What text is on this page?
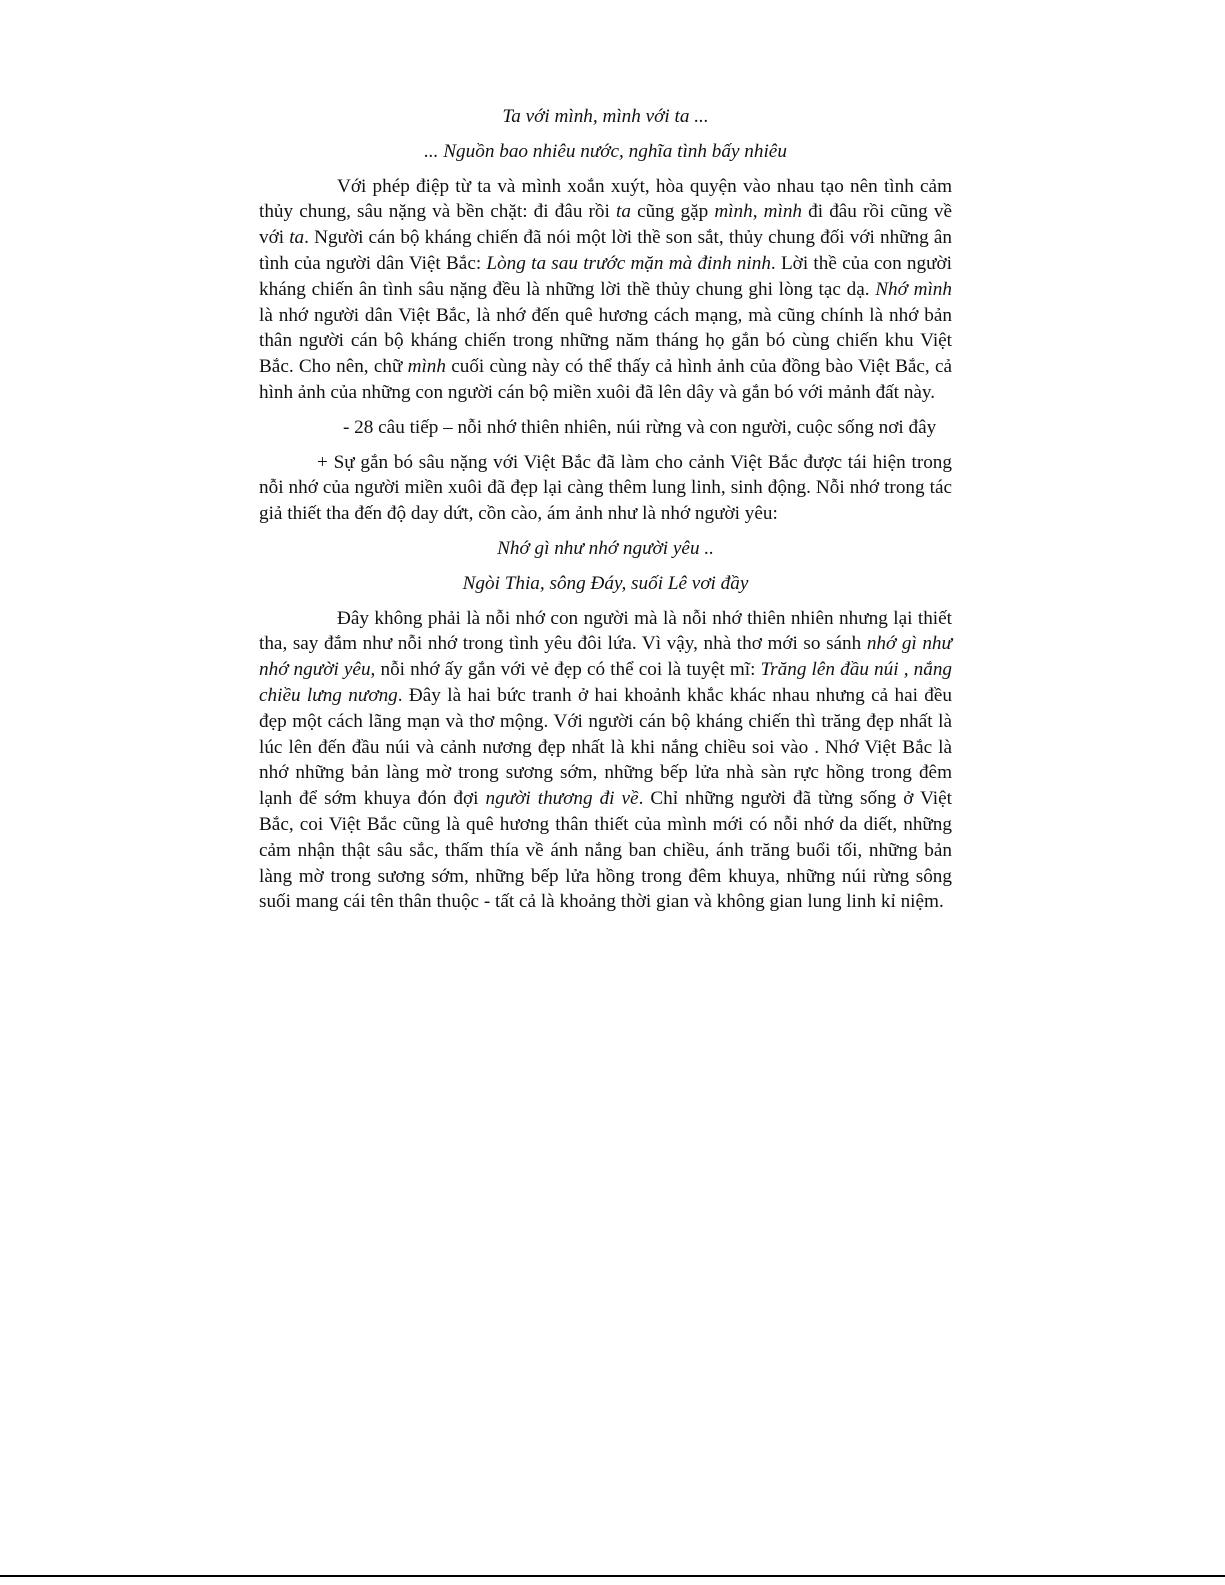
Ta với mình, mình với ta ...

... Nguồn bao nhiêu nước, nghĩa tình bấy nhiêu

Với phép điệp từ ta và mình xoắn xuýt, hòa quyện vào nhau tạo nên tình cảm thủy chung, sâu nặng và bền chặt: đi đâu rồi ta cũng gặp mình, mình đi đâu rồi cũng về với ta. Người cán bộ kháng chiến đã nói một lời thề son sắt, thủy chung đối với những ân tình của người dân Việt Bắc: Lòng ta sau trước mặn mà đinh ninh. Lời thề của con người kháng chiến ân tình sâu nặng đều là những lời thề thủy chung ghi lòng tạc dạ. Nhớ mình là nhớ người dân Việt Bắc, là nhớ đến quê hương cách mạng, mà cũng chính là nhớ bản thân người cán bộ kháng chiến trong những năm tháng họ gắn bó cùng chiến khu Việt Bắc. Cho nên, chữ mình cuối cùng này có thể thấy cả hình ảnh của đồng bào Việt Bắc, cả hình ảnh của những con người cán bộ miền xuôi đã lên dây và gắn bó với mảnh đất này.

- 28 câu tiếp – nỗi nhớ thiên nhiên, núi rừng và con người, cuộc sống nơi đây

+ Sự gắn bó sâu nặng với Việt Bắc đã làm cho cảnh Việt Bắc được tái hiện trong nỗi nhớ của người miền xuôi đã đẹp lại càng thêm lung linh, sinh động. Nỗi nhớ trong tác giả thiết tha đến độ day dứt, cồn cào, ám ảnh như là nhớ người yêu:

Nhớ gì như nhớ người yêu ..

Ngòi Thia, sông Đáy, suối Lê vơi đầy

Đây không phải là nỗi nhớ con người mà là nỗi nhớ thiên nhiên nhưng lại thiết tha, say đắm như nỗi nhớ trong tình yêu đôi lứa. Vì vậy, nhà thơ mới so sánh nhớ gì như nhớ người yêu, nỗi nhớ ấy gắn với vẻ đẹp có thể coi là tuyệt mĩ: Trăng lên đầu núi , nắng chiều lưng nương. Đây là hai bức tranh ở hai khoảnh khắc khác nhau nhưng cả hai đều đẹp một cách lãng mạn và thơ mộng. Với người cán bộ kháng chiến thì trăng đẹp nhất là lúc lên đến đầu núi và cảnh nương đẹp nhất là khi nắng chiều soi vào . Nhớ Việt Bắc là nhớ những bản làng mờ trong sương sớm, những bếp lửa nhà sàn rực hồng trong đêm lạnh để sớm khuya đón đợi người thương đi về. Chỉ những người đã từng sống ở Việt Bắc, coi Việt Bắc cũng là quê hương thân thiết của mình mới có nỗi nhớ da diết, những cảm nhận thật sâu sắc, thấm thía về ánh nắng ban chiều, ánh trăng buổi tối, những bản làng mờ trong sương sớm, những bếp lửa hồng trong đêm khuya, những núi rừng sông suối mang cái tên thân thuộc - tất cả là khoảng thời gian và không gian lung linh kỉ niệm.
